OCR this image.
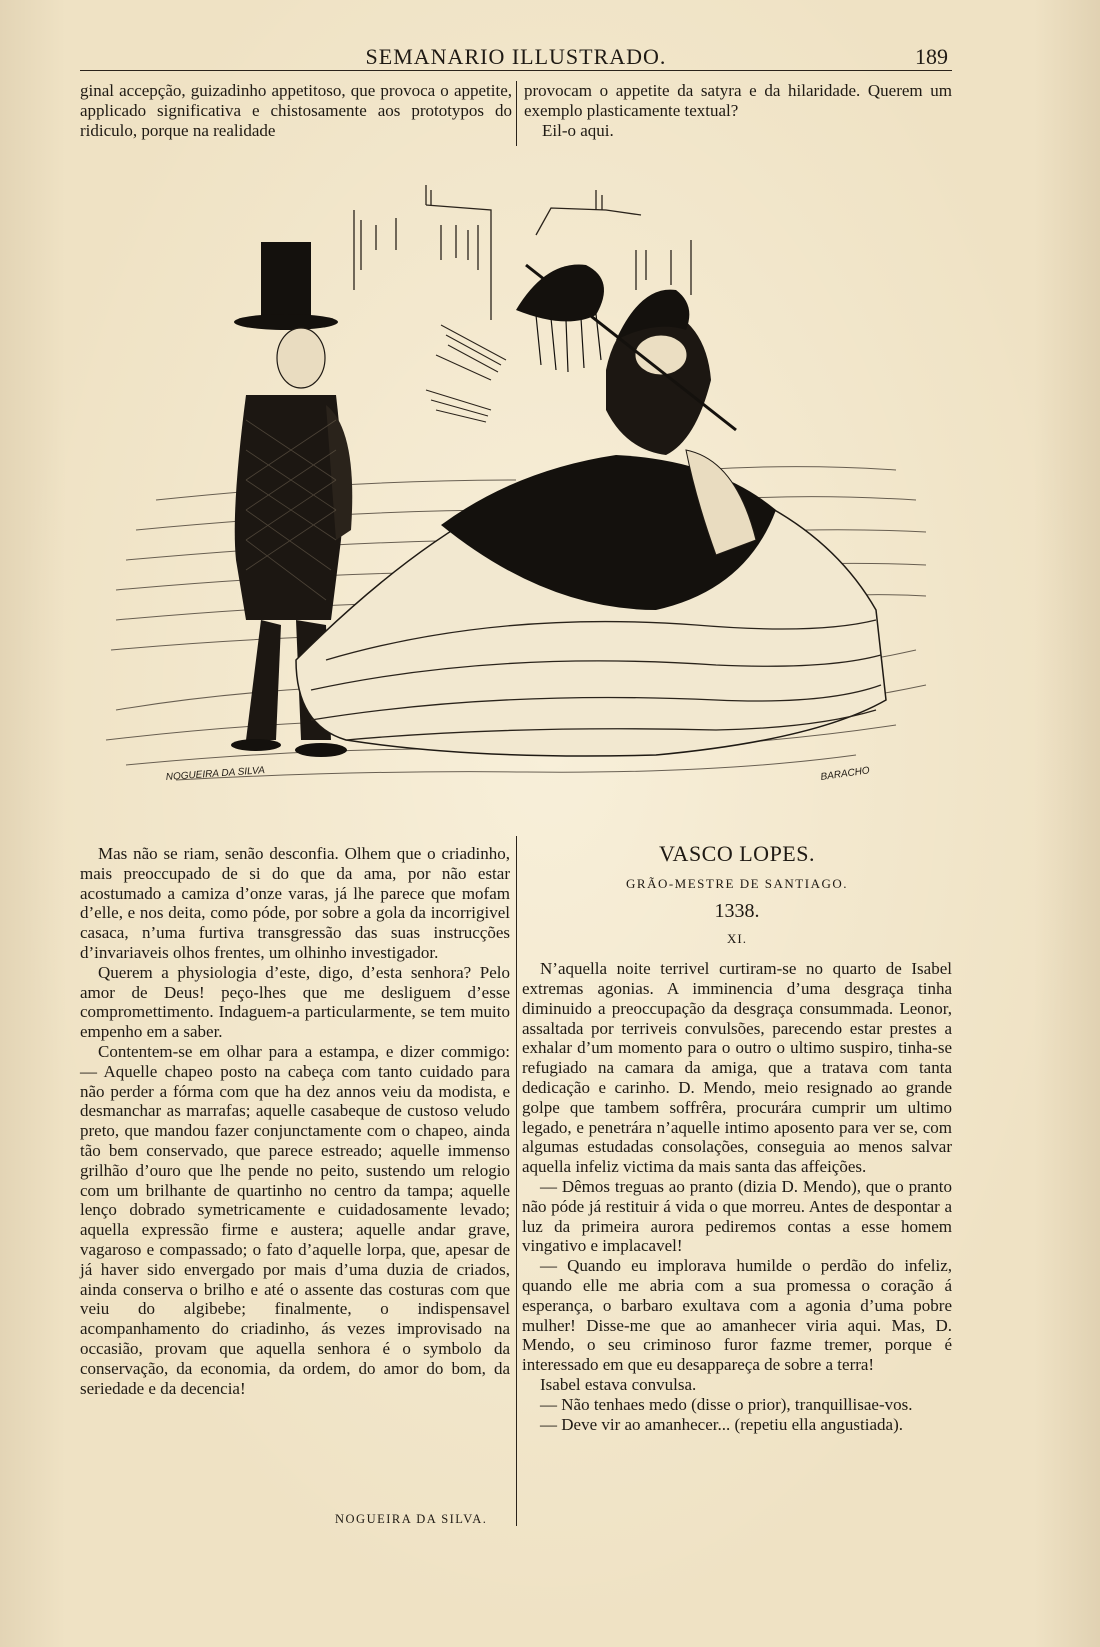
SEMANARIO ILLUSTRADO.	189

ginal accepção, guizadinho appetitoso, que provoca o appetite, applicado significativa e chistosamente aos prototypos do ridiculo, porque na realidade

provocam o appetite da satyra e da hilaridade. Querem um exemplo plasticamente textual?

Eil-o aqui.

NOGUEIRA DA SILVA	BARACHO

Mas não se riam, senão desconfia. Olhem que o criadinho, mais preoccupado de si do que da ama, por não estar acostumado a camiza d’onze varas, já lhe parece que mofam d’elle, e nos deita, como póde, por sobre a gola da incorrigivel casaca, n’uma furtiva transgressão das suas instrucções d’invariaveis olhos frentes, um olhinho investigador.

Querem a physiologia d’este, digo, d’esta senhora? Pelo amor de Deus! peço-lhes que me desliguem d’esse compromettimento. Indaguem-a particularmente, se tem muito empenho em a saber.

Contentem-se em olhar para a estampa, e dizer commigo: — Aquelle chapeo posto na cabeça com tanto cuidado para não perder a fórma com que ha dez annos veiu da modista, e desmanchar as marrafas; aquelle casabeque de custoso veludo preto, que mandou fazer conjunctamente com o chapeo, ainda tão bem conservado, que parece estreado; aquelle immenso grilhão d’ouro que lhe pende no peito, sustendo um relogio com um brilhante de quartinho no centro da tampa; aquelle lenço dobrado symetricamente e cuidadosamente levado; aquella expressão firme e austera; aquelle andar grave, vagaroso e compassado; o fato d’aquelle lorpa, que, apesar de já haver sido envergado por mais d’uma duzia de criados, ainda conserva o brilho e até o assente das costuras com que veiu do algibebe; finalmente, o indispensavel acompanhamento do criadinho, ás vezes improvisado na occasião, provam que aquella senhora é o symbolo da conservação, da economia, da ordem, do amor do bom, da seriedade e da decencia!

NOGUEIRA DA SILVA.
VASCO LOPES.
GRÃO-MESTRE DE SANTIAGO.
1338.
XI.

N’aquella noite terrivel curtiram-se no quarto de Isabel extremas agonias. A imminencia d’uma desgraça tinha diminuido a preoccupação da desgraça consummada. Leonor, assaltada por terriveis convulsões, parecendo estar prestes a exhalar d’um momento para o outro o ultimo suspiro, tinha-se refugiado na camara da amiga, que a tratava com tanta dedicação e carinho. D. Mendo, meio resignado ao grande golpe que tambem soffrêra, procurára cumprir um ultimo legado, e penetrára n’aquelle intimo aposento para ver se, com algumas estudadas consolações, conseguia ao menos salvar aquella infeliz victima da mais santa das affeições.

— Dêmos treguas ao pranto (dizia D. Mendo), que o pranto não póde já restituir á vida o que morreu. Antes de despontar a luz da primeira aurora pediremos contas a esse homem vingativo e implacavel!

— Quando eu implorava humilde o perdão do infeliz, quando elle me abria com a sua promessa o coração á esperança, o barbaro exultava com a agonia d’uma pobre mulher! Disse-me que ao amanhecer viria aqui. Mas, D. Mendo, o seu criminoso furor fazme tremer, porque é interessado em que eu desappareça de sobre a terra!

Isabel estava convulsa.

— Não tenhaes medo (disse o prior), tranquillisae-vos.

— Deve vir ao amanhecer... (repetiu ella angustiada).
